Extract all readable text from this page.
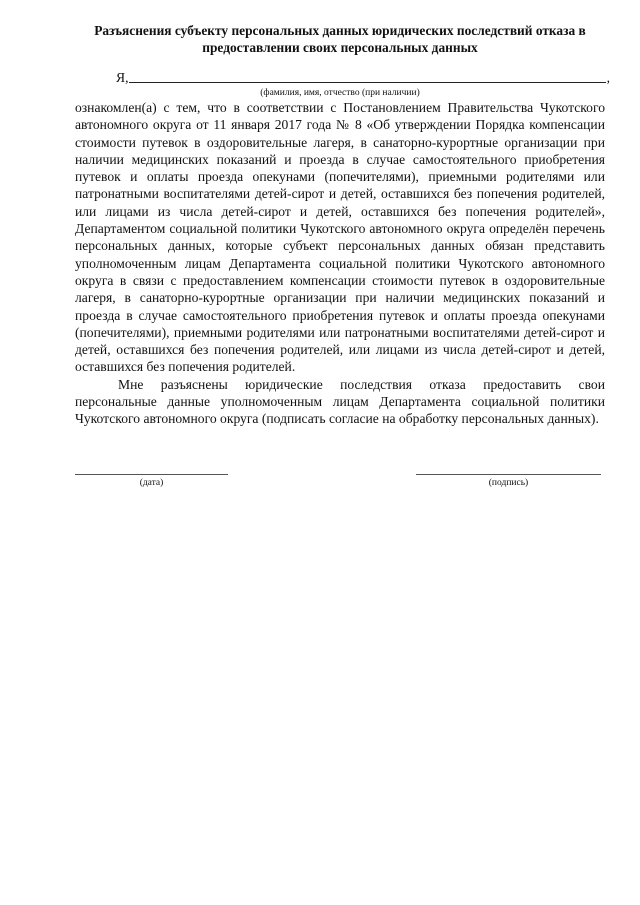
Разъяснения субъекту персональных данных юридических последствий отказа в предоставлении своих персональных данных
Я,	,
(фамилия, имя, отчество (при наличии)

ознакомлен(а) с тем, что в соответствии с Постановлением Правительства Чукотского автономного округа от 11 января 2017 года № 8 «Об утверждении Порядка компенсации стоимости путевок в оздоровительные лагеря, в санаторно-курортные организации при наличии медицинских показаний и проезда в случае самостоятельного приобретения путевок и оплаты проезда опекунами (попечителями), приемными родителями или патронатными воспитателями детей-сирот и детей, оставшихся без попечения родителей, или лицами из числа детей-сирот и детей, оставшихся без попечения родителей», Департаментом социальной политики Чукотского автономного округа определён перечень персональных данных, которые субъект персональных данных обязан представить уполномоченным лицам Департамента социальной политики Чукотского автономного округа в связи с предоставлением компенсации стоимости путевок в оздоровительные лагеря, в санаторно-курортные организации при наличии медицинских показаний и проезда в случае самостоятельного приобретения путевок и оплаты проезда опекунами (попечителями), приемными родителями или патронатными воспитателями детей-сирот и детей, оставшихся без попечения родителей, или лицами из числа детей-сирот и детей, оставшихся без попечения родителей.

Мне разъяснены юридические последствия отказа предоставить свои персональные данные уполномоченным лицам Департамента социальной политики Чукотского автономного округа (подписать согласие на обработку персональных данных).

(дата)	(подпись)
